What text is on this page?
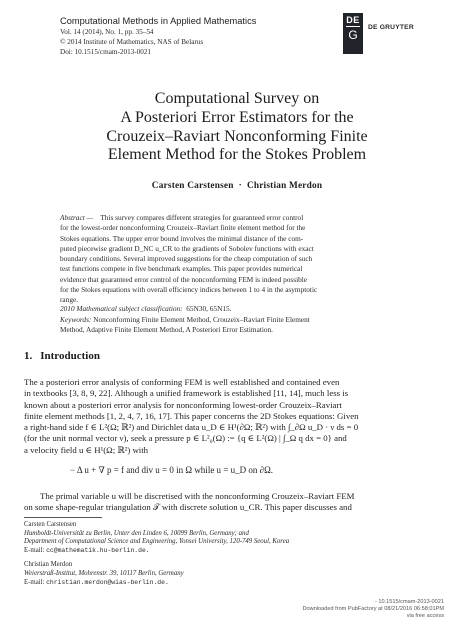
Computational Methods in Applied Mathematics
Vol. 14 (2014), No. 1, pp. 35–54
© 2014 Institute of Mathematics, NAS of Belarus
Doi: 10.1515/cmam-2013-0021
DE
G
DE GRUYTER
Computational Survey on
A Posteriori Error Estimators for the
Crouzeix–Raviart Nonconforming Finite
Element Method for the Stokes Problem
Carsten Carstensen · Christian Merdon
Abstract — This survey compares different strategies for guaranteed error control
for the lowest-order nonconforming Crouzeix–Raviart finite element method for the
Stokes equations. The upper error bound involves the minimal distance of the com-
puted piecewise gradient D_NC u_CR to the gradients of Sobolev functions with exact
boundary conditions. Several improved suggestions for the cheap computation of such
test functions compete in five benchmark examples. This paper provides numerical
evidence that guaranteed error control of the nonconforming FEM is indeed possible
for the Stokes equations with overall efficiency indices between 1 to 4 in the asymptotic
range.
2010 Mathematical subject classification: 65N30, 65N15.
Keywords: Nonconforming Finite Element Method, Crouzeix–Raviart Finite Element
Method, Adaptive Finite Element Method, A Posteriori Error Estimation.
1. Introduction
The a posteriori error analysis of conforming FEM is well established and contained even
in textbooks [3, 8, 9, 22]. Although a unified framework is established [11, 14], much less is
known about a posteriori error analysis for nonconforming lowest-order Crouzeix–Raviart
finite element methods [1, 2, 4, 7, 16, 17]. This paper concerns the 2D Stokes equations: Given
a right-hand side f ∈ L²(Ω; ℝ²) and Dirichlet data u_D ∈ H¹(∂Ω; ℝ²) with ∫_∂Ω u_D · ν ds = 0
(for the unit normal vector ν), seek a pressure p ∈ L²₀(Ω) := {q ∈ L²(Ω) | ∫_Ω q dx = 0} and
a velocity field u ∈ H¹(Ω; ℝ²) with
− Δ u + ∇ p = f and div u = 0 in Ω while u = u_D on ∂Ω.
The primal variable u will be discretised with the nonconforming Crouzeix–Raviart FEM
on some shape-regular triangulation 𝒯 with discrete solution u_CR. This paper discusses and
Carsten Carstensen
Humboldt-Universität zu Berlin, Unter den Linden 6, 10099 Berlin, Germany; and
Department of Computational Science and Engineering, Yonsei University, 120-749 Seoul, Korea
E-mail: cc@mathematik.hu-berlin.de.
Christian Merdon
Weierstraß-Institut, Mohrenstr. 39, 10117 Berlin, Germany
E-mail: christian.merdon@wias-berlin.de.
- 10.1515/cmam-2013-0021
Downloaded from PubFactory at 08/21/2016 06:58:01PM
via free access
